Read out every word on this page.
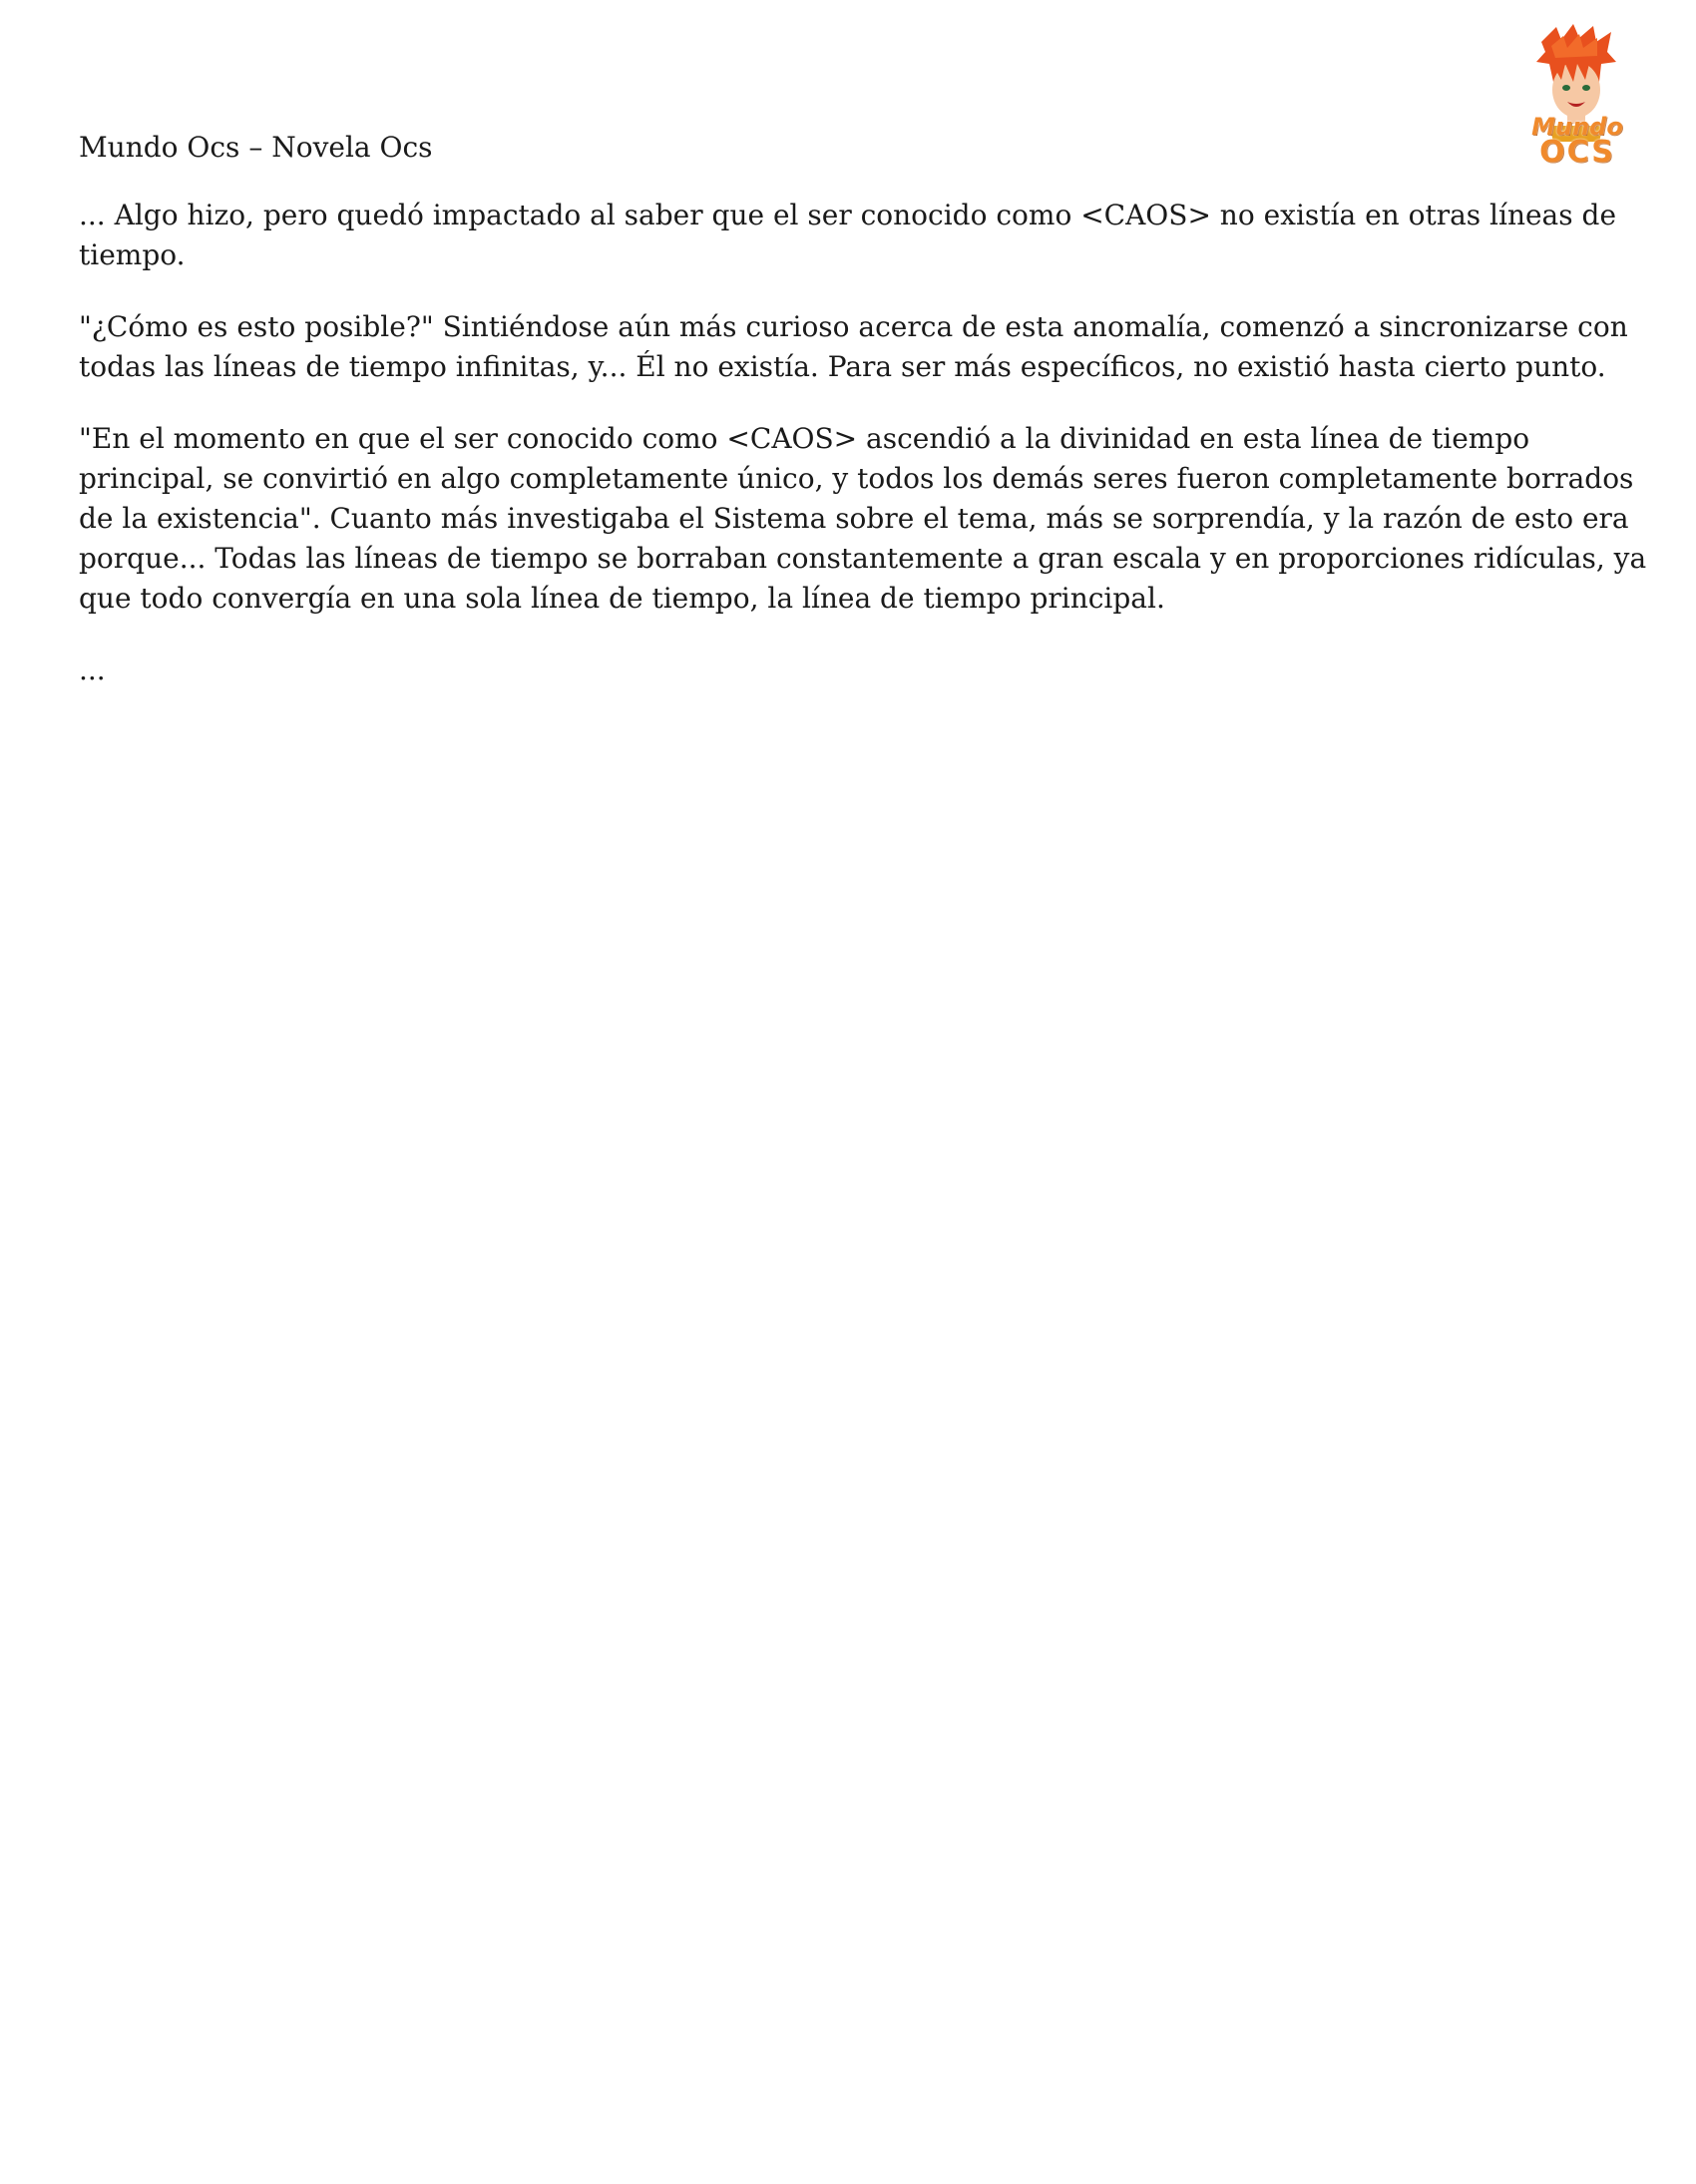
Mundo
OCS

Mundo Ocs – Novela Ocs

... Algo hizo, pero quedó impactado al saber que el ser conocido como <CAOS> no existía en otras líneas de tiempo.

"¿Cómo es esto posible?" Sintiéndose aún más curioso acerca de esta anomalía, comenzó a sincronizarse con todas las líneas de tiempo infinitas, y... Él no existía. Para ser más específicos, no existió hasta cierto punto.

"En el momento en que el ser conocido como <CAOS> ascendió a la divinidad en esta línea de tiempo principal, se convirtió en algo completamente único, y todos los demás seres fueron completamente borrados de la existencia". Cuanto más investigaba el Sistema sobre el tema, más se sorprendía, y la razón de esto era porque... Todas las líneas de tiempo se borraban constantemente a gran escala y en proporciones ridículas, ya que todo convergía en una sola línea de tiempo, la línea de tiempo principal.

...
